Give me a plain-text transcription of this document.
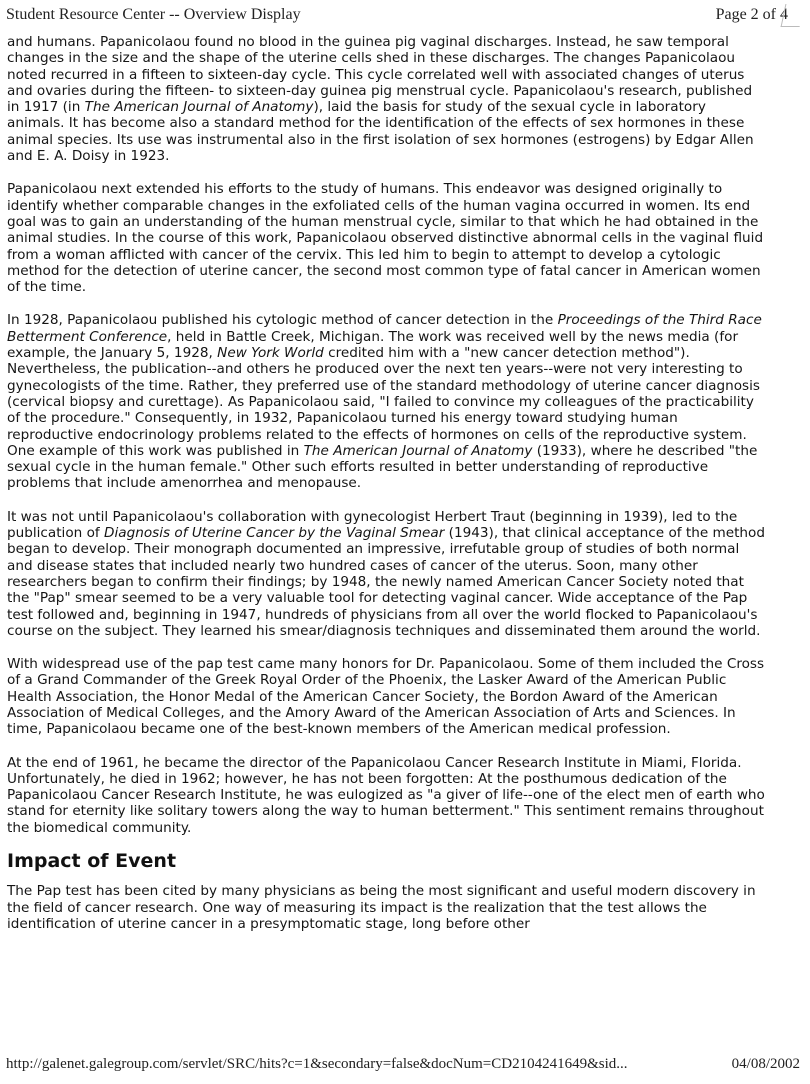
Student Resource Center -- Overview Display	Page 2 of 4

and humans. Papanicolaou found no blood in the guinea pig vaginal discharges. Instead, he saw temporal changes in the size and the shape of the uterine cells shed in these discharges. The changes Papanicolaou noted recurred in a fifteen to sixteen-day cycle. This cycle correlated well with associated changes of uterus and ovaries during the fifteen- to sixteen-day guinea pig menstrual cycle. Papanicolaou's research, published in 1917 (in The American Journal of Anatomy), laid the basis for study of the sexual cycle in laboratory animals. It has become also a standard method for the identification of the effects of sex hormones in these animal species. Its use was instrumental also in the first isolation of sex hormones (estrogens) by Edgar Allen and E. A. Doisy in 1923.

Papanicolaou next extended his efforts to the study of humans. This endeavor was designed originally to identify whether comparable changes in the exfoliated cells of the human vagina occurred in women. Its end goal was to gain an understanding of the human menstrual cycle, similar to that which he had obtained in the animal studies. In the course of this work, Papanicolaou observed distinctive abnormal cells in the vaginal fluid from a woman afflicted with cancer of the cervix. This led him to begin to attempt to develop a cytologic method for the detection of uterine cancer, the second most common type of fatal cancer in American women of the time.

In 1928, Papanicolaou published his cytologic method of cancer detection in the Proceedings of the Third Race Betterment Conference, held in Battle Creek, Michigan. The work was received well by the news media (for example, the January 5, 1928, New York World credited him with a "new cancer detection method"). Nevertheless, the publication--and others he produced over the next ten years--were not very interesting to gynecologists of the time. Rather, they preferred use of the standard methodology of uterine cancer diagnosis (cervical biopsy and curettage). As Papanicolaou said, "I failed to convince my colleagues of the practicability of the procedure." Consequently, in 1932, Papanicolaou turned his energy toward studying human reproductive endocrinology problems related to the effects of hormones on cells of the reproductive system. One example of this work was published in The American Journal of Anatomy (1933), where he described "the sexual cycle in the human female." Other such efforts resulted in better understanding of reproductive problems that include amenorrhea and menopause.

It was not until Papanicolaou's collaboration with gynecologist Herbert Traut (beginning in 1939), led to the publication of Diagnosis of Uterine Cancer by the Vaginal Smear (1943), that clinical acceptance of the method began to develop. Their monograph documented an impressive, irrefutable group of studies of both normal and disease states that included nearly two hundred cases of cancer of the uterus. Soon, many other researchers began to confirm their findings; by 1948, the newly named American Cancer Society noted that the "Pap" smear seemed to be a very valuable tool for detecting vaginal cancer. Wide acceptance of the Pap test followed and, beginning in 1947, hundreds of physicians from all over the world flocked to Papanicolaou's course on the subject. They learned his smear/diagnosis techniques and disseminated them around the world.

With widespread use of the pap test came many honors for Dr. Papanicolaou. Some of them included the Cross of a Grand Commander of the Greek Royal Order of the Phoenix, the Lasker Award of the American Public Health Association, the Honor Medal of the American Cancer Society, the Bordon Award of the American Association of Medical Colleges, and the Amory Award of the American Association of Arts and Sciences. In time, Papanicolaou became one of the best-known members of the American medical profession.

At the end of 1961, he became the director of the Papanicolaou Cancer Research Institute in Miami, Florida. Unfortunately, he died in 1962; however, he has not been forgotten: At the posthumous dedication of the Papanicolaou Cancer Research Institute, he was eulogized as "a giver of life--one of the elect men of earth who stand for eternity like solitary towers along the way to human betterment." This sentiment remains throughout the biomedical community.

Impact of Event

The Pap test has been cited by many physicians as being the most significant and useful modern discovery in the field of cancer research. One way of measuring its impact is the realization that the test allows the identification of uterine cancer in a presymptomatic stage, long before other

http://galenet.galegroup.com/servlet/SRC/hits?c=1&secondary=false&docNum=CD2104241649&sid...	04/08/2002
